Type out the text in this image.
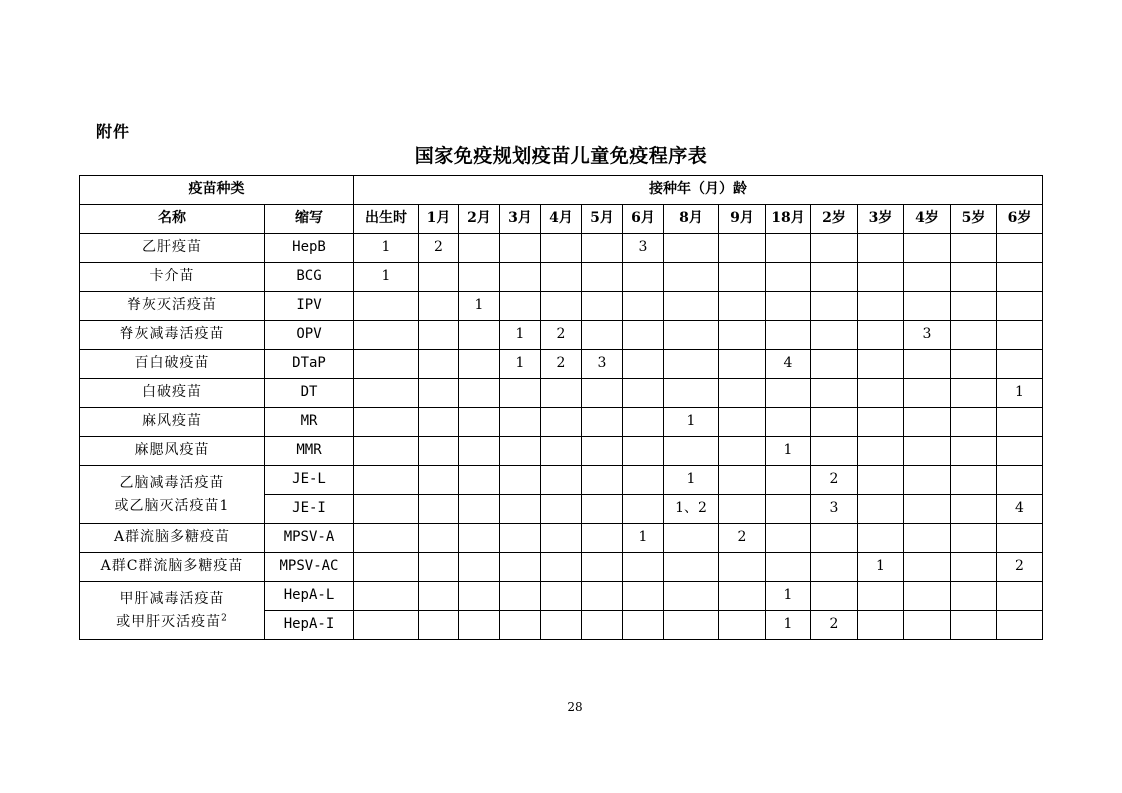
附件
国家免疫规划疫苗儿童免疫程序表
疫苗种类		接种年（月）龄														
名称	缩写	出生时	1月	2月	3月	4月	5月	6月	8月	9月	18月	2岁	3岁	4岁	5岁	6岁
乙肝疫苗	HepB	1	2					3								
卡介苗	BCG	1														
脊灰灭活疫苗	IPV			1												
脊灰减毒活疫苗	OPV				1	2								3		
百白破疫苗	DTaP				1	2	3				4					
白破疫苗	DT															1
麻风疫苗	MR								1							
麻腮风疫苗	MMR										1					

乙脑减毒活疫苗
或乙脑灭活疫苗1	JE-L								1			2				
	JE-I								1、2			3				4
A群流脑多糖疫苗	MPSV-A							1		2						
A群C群流脑多糖疫苗	MPSV-AC												1			2

甲肝减毒活疫苗
或甲肝灭活疫苗$^2$	HepA-L										1					
	HepA-I										1	2				
28
